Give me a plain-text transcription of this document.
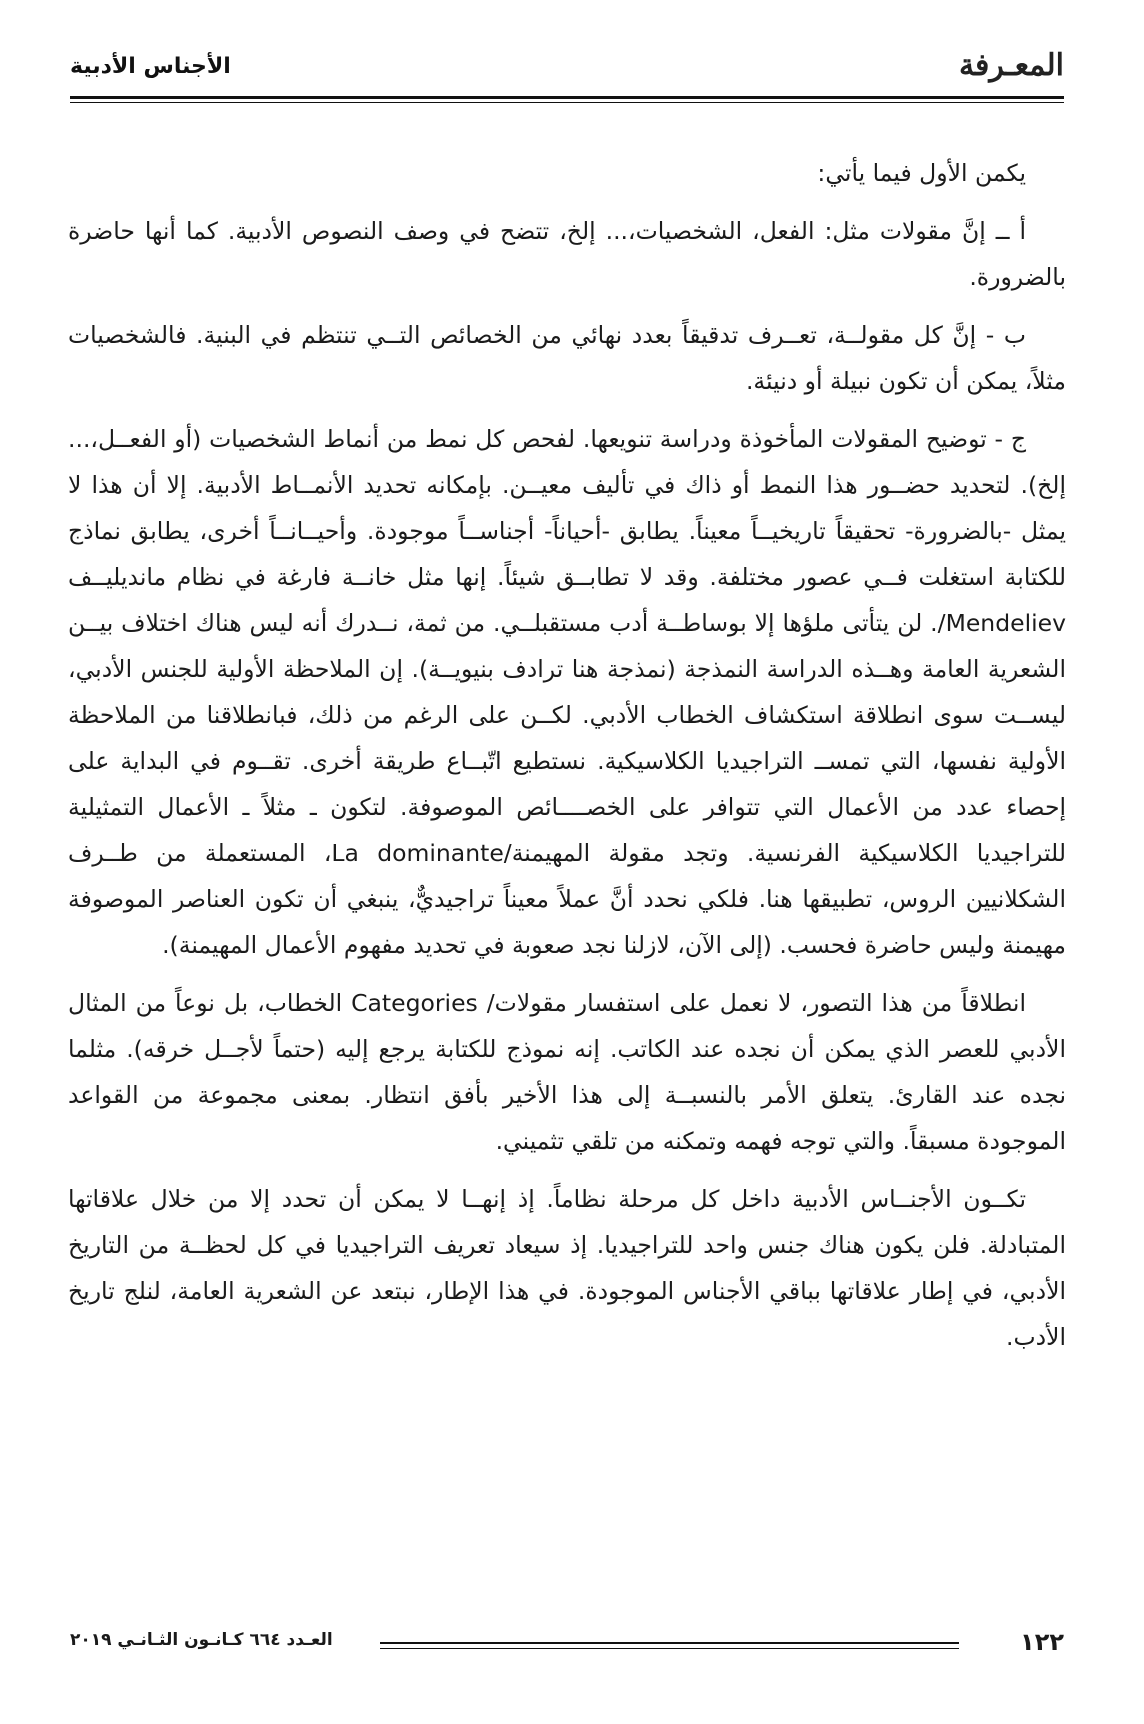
المعـرفة
الأجناس الأدبية

يكمن الأول فيما يأتي:

أ ــ إنَّ مقولات مثل: الفعل، الشخصيات،... إلخ، تتضح في وصف النصوص الأدبية. كما أنها حاضرة بالضرورة.

ب - إنَّ كل مقولــة، تعــرف تدقيقاً بعدد نهائي من الخصائص التــي تنتظم في البنية. فالشخصيات مثلاً، يمكن أن تكون نبيلة أو دنيئة.

ج - توضيح المقولات المأخوذة ودراسة تنويعها. لفحص كل نمط من أنماط الشخصيات (أو الفعــل،... إلخ). لتحديد حضــور هذا النمط أو ذاك في تأليف معيــن. بإمكانه تحديد الأنمــاط الأدبية. إلا أن هذا لا يمثل -بالضرورة- تحقيقاً تاريخيــاً معيناً. يطابق -أحياناً- أجناســاً موجودة. وأحيــانــاً أخرى، يطابق نماذج للكتابة استغلت فــي عصور مختلفة. وقد لا تطابــق شيئاً. إنها مثل خانــة فارغة في نظام مانديليــف Mendeliev/. لن يتأتى ملؤها إلا بوساطــة أدب مستقبلــي. من ثمة، نــدرك أنه ليس هناك اختلاف بيــن الشعرية العامة وهــذه الدراسة النمذجة (نمذجة هنا ترادف بنيويــة). إن الملاحظة الأولية للجنس الأدبي، ليســت سوى انطلاقة استكشاف الخطاب الأدبي. لكــن على الرغم من ذلك، فبانطلاقنا من الملاحظة الأولية نفسها، التي تمســ التراجيديا الكلاسيكية. نستطيع اتّبــاع طريقة أخرى. تقــوم في البداية على إحصاء عدد من الأعمال التي تتوافر على الخصــــائص الموصوفة. لتكون ـ مثلاً ـ الأعمال التمثيلية للتراجيديا الكلاسيكية الفرنسية. وتجد مقولة المهيمنة/La dominante، المستعملة من طــرف الشكلانيين الروس، تطبيقها هنا. فلكي نحدد أنَّ عملاً معيناً تراجيديٌّ، ينبغي أن تكون العناصر الموصوفة مهيمنة وليس حاضرة فحسب. (إلى الآن، لازلنا نجد صعوبة في تحديد مفهوم الأعمال المهيمنة).

انطلاقاً من هذا التصور، لا نعمل على استفسار مقولات/ Categories الخطاب، بل نوعاً من المثال الأدبي للعصر الذي يمكن أن نجده عند الكاتب. إنه نموذج للكتابة يرجع إليه (حتماً لأجــل خرقه). مثلما نجده عند القارئ. يتعلق الأمر بالنسبــة إلى هذا الأخير بأفق انتظار. بمعنى مجموعة من القواعد الموجودة مسبقاً. والتي توجه فهمه وتمكنه من تلقي تثميني.

تكــون الأجنــاس الأدبية داخل كل مرحلة نظاماً. إذ إنهــا لا يمكن أن تحدد إلا من خلال علاقاتها المتبادلة. فلن يكون هناك جنس واحد للتراجيديا. إذ سيعاد تعريف التراجيديا في كل لحظــة من التاريخ الأدبي، في إطار علاقاتها بباقي الأجناس الموجودة. في هذا الإطار، نبتعد عن الشعرية العامة، لنلج تاريخ الأدب.

١٢٢
العـدد ٦٦٤ كـانـون الثـانـي ٢٠١٩
